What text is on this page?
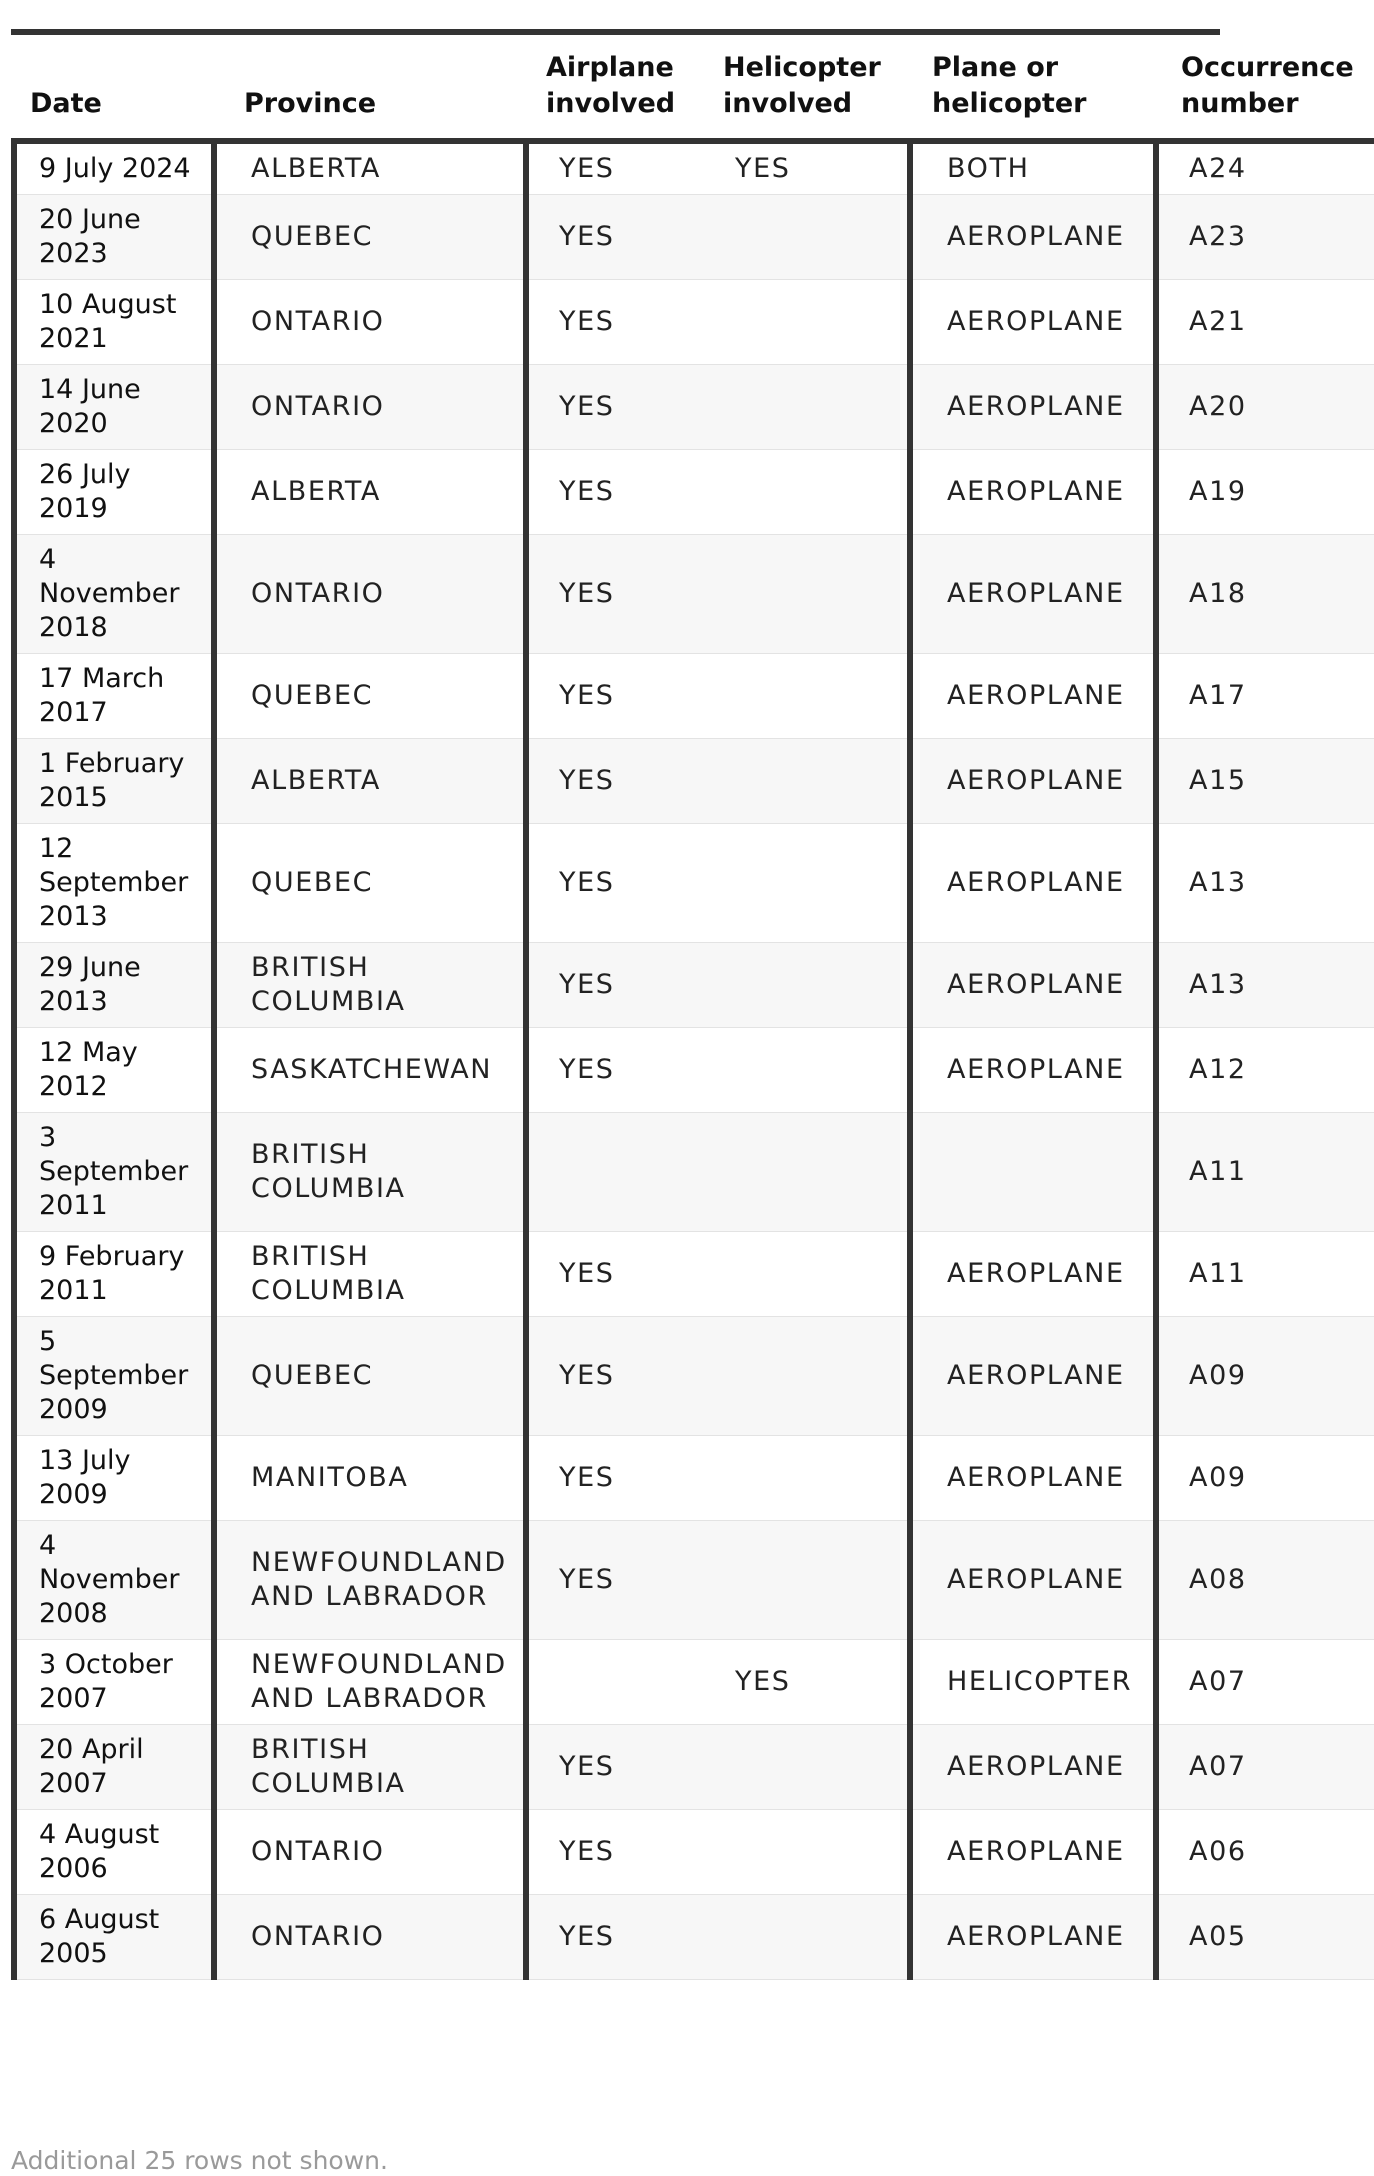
Date	Province	Airplane involved	Helicopter involved	Plane or helicopter	Occurrence number
9 July 2024	ALBERTA	YES	YES	BOTH	A24
20 June 2023	QUEBEC	YES		AEROPLANE	A23
10 August 2021	ONTARIO	YES		AEROPLANE	A21
14 June 2020	ONTARIO	YES		AEROPLANE	A20
26 July 2019	ALBERTA	YES		AEROPLANE	A19
4 November 2018	ONTARIO	YES		AEROPLANE	A18
17 March 2017	QUEBEC	YES		AEROPLANE	A17
1 February 2015	ALBERTA	YES		AEROPLANE	A15
12 September 2013	QUEBEC	YES		AEROPLANE	A13
29 June 2013	BRITISH COLUMBIA	YES		AEROPLANE	A13
12 May 2012	SASKATCHEWAN	YES		AEROPLANE	A12
3 September 2011	BRITISH COLUMBIA				A11
9 February 2011	BRITISH COLUMBIA	YES		AEROPLANE	A11
5 September 2009	QUEBEC	YES		AEROPLANE	A09
13 July 2009	MANITOBA	YES		AEROPLANE	A09
4 November 2008	NEWFOUNDLAND AND LABRADOR	YES		AEROPLANE	A08
3 October 2007	NEWFOUNDLAND AND LABRADOR		YES	HELICOPTER	A07
20 April 2007	BRITISH COLUMBIA	YES		AEROPLANE	A07
4 August 2006	ONTARIO	YES		AEROPLANE	A06
6 August 2005	ONTARIO	YES		AEROPLANE	A05
Additional 25 rows not shown.
